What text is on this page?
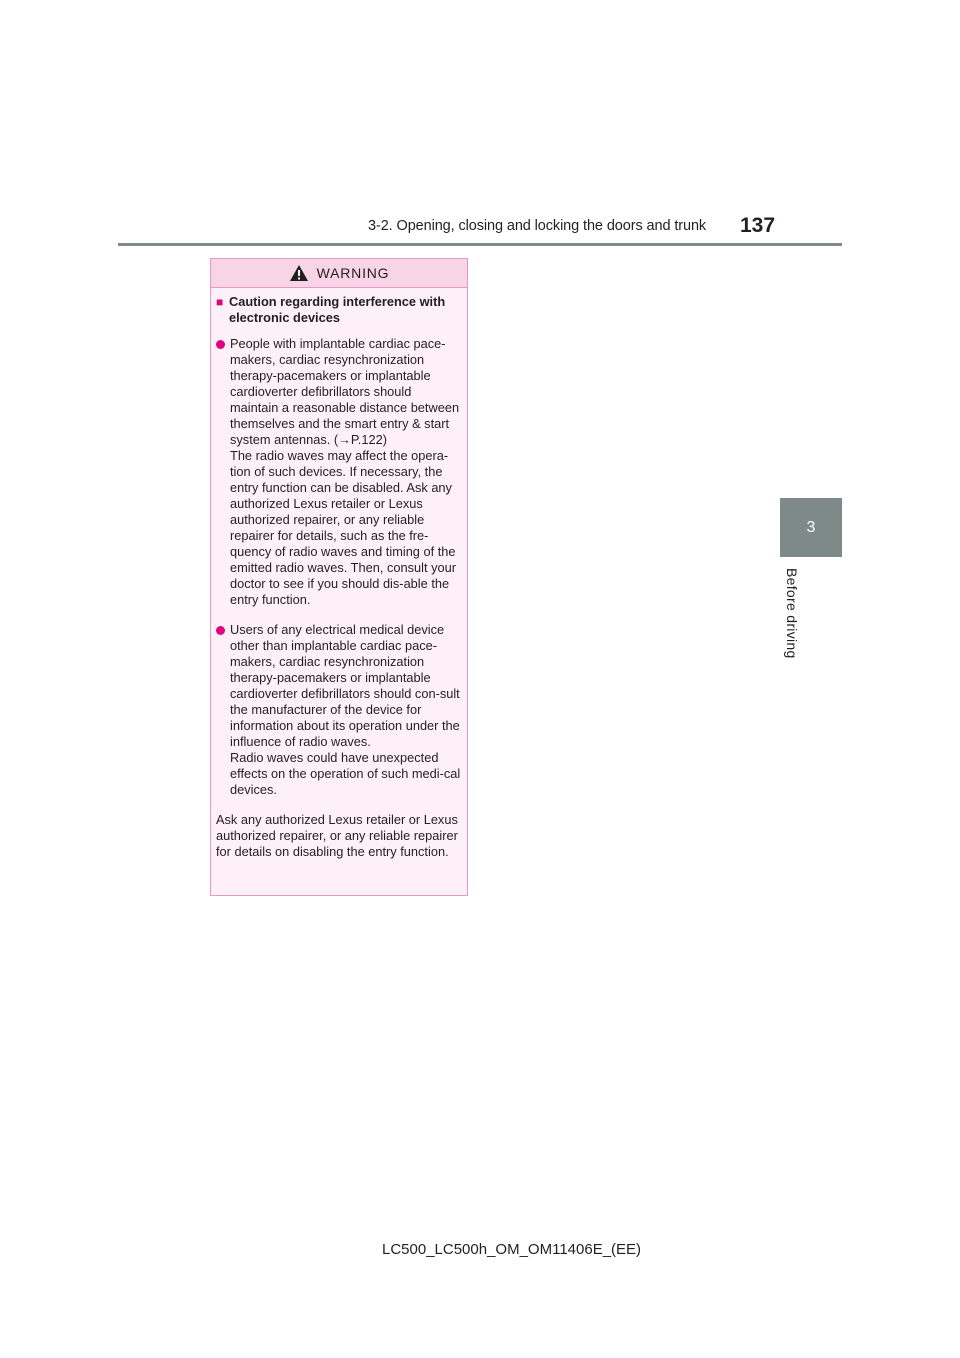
3-2. Opening, closing and locking the doors and trunk 137
3
Before driving
WARNING
■ Caution regarding interference with electronic devices

People with implantable cardiac pace-makers, cardiac resynchronization therapy-pacemakers or implantable cardioverter defibrillators should maintain a reasonable distance between themselves and the smart entry & start system antennas. (→P.122)

The radio waves may affect the opera-tion of such devices. If necessary, the entry function can be disabled. Ask any authorized Lexus retailer or Lexus authorized repairer, or any reliable repairer for details, such as the fre-quency of radio waves and timing of the emitted radio waves. Then, consult your doctor to see if you should dis-able the entry function.

Users of any electrical medical device other than implantable cardiac pace-makers, cardiac resynchronization therapy-pacemakers or implantable cardioverter defibrillators should con-sult the manufacturer of the device for information about its operation under the influence of radio waves.

Radio waves could have unexpected effects on the operation of such medi-cal devices.

Ask any authorized Lexus retailer or Lexus authorized repairer, or any reliable repairer for details on disabling the entry function.

LC500_LC500h_OM_OM11406E_(EE)
